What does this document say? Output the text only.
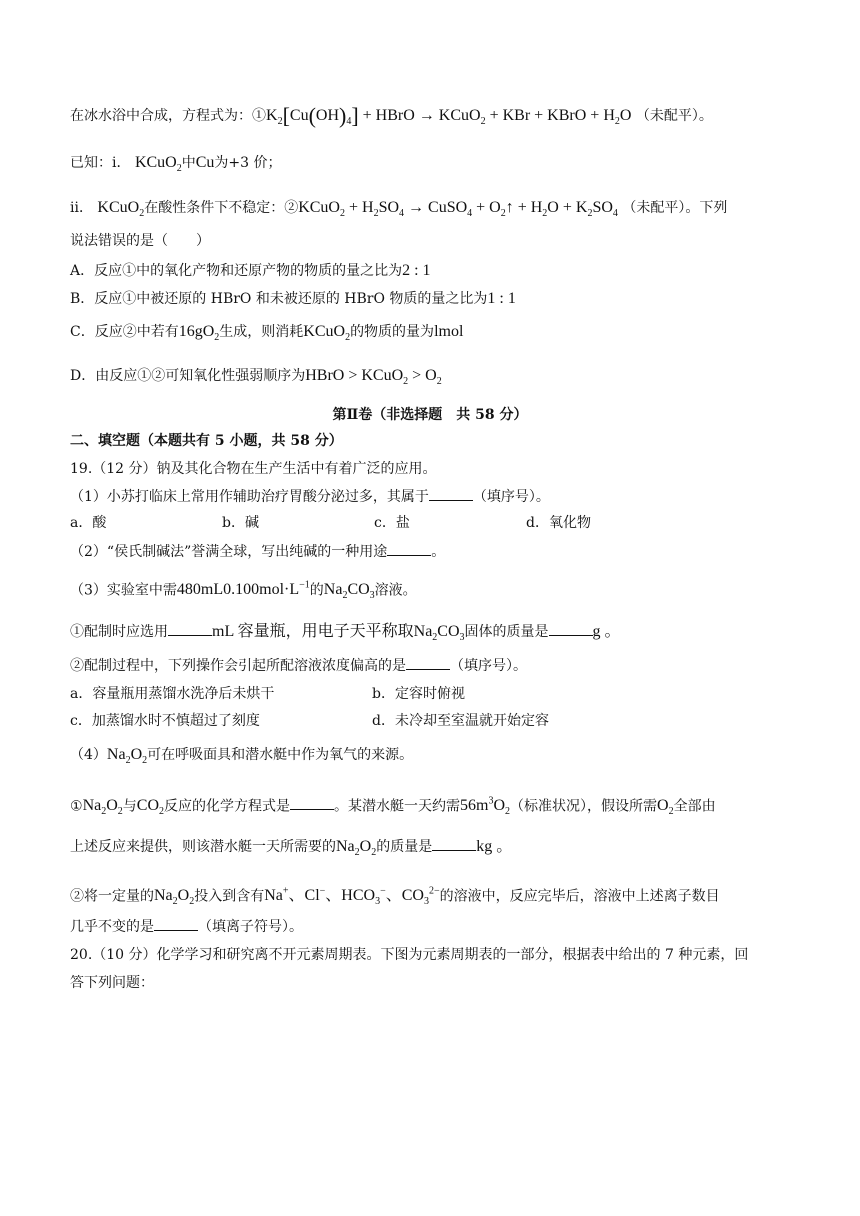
在冰水浴中合成，方程式为：$①K_2[Cu(OH)_4]$ + HBrO → KCuO$_2$ + KBr + KBrO + $H_2O$ （未配平）。
已知：ⅰ． KCuO$_2$中Cu为+3 价；
ⅱ． KCuO$_2$在酸性条件下不稳定：②KCuO$_2$ + $H_2SO_4$ → CuSO$_4$ + $O_2↑ + H_2O + K_2SO_4$ （未配平）。下列
说法错误的是（　　）
A．反应①中的氧化产物和还原产物的物质的量之比为2 : 1
B．反应①中被还原的 HBrO 和未被还原的 HBrO 物质的量之比为1 : 1
C．反应②中若有$16gO_2$生成，则消耗KCuO$_2$的物质的量为lmol
D．由反应①②可知氧化性强弱顺序为HBrO > KCuO$_2$ > $O_2$
第Ⅱ卷（非选择题　共 58 分）
二、填空题（本题共有 5 小题，共 58 分）
19.（12 分）钠及其化合物在生产生活中有着广泛的应用。
（1）小苏打临床上常用作辅助治疗胃酸分泌过多，其属于	（填序号）。
a．酸	b．碱	c．盐	d．氧化物
（2）“侯氏制碱法”誉满全球，写出纯碱的一种用途	。
（3）实验室中需$480mL0.100mol\cdot L^{-1}$的$Na_2CO_3$溶液。
①配制时应选用	mL 容量瓶，用电子天平称取$Na_2CO_3$固体的质量是	g 。
②配制过程中，下列操作会引起所配溶液浓度偏高的是	（填序号）。
a．容量瓶用蒸馏水洗净后未烘干	b．定容时俯视
c．加蒸馏水时不慎超过了刻度	d．未冷却至室温就开始定容
$(4)Na_2O_2$可在呼吸面具和潜水艇中作为氧气的来源。
$①Na_2O_2$与$CO_2$反应的化学方程式是	。某潜水艇一天约需$56m^3O_2$（标准状况），假设所需$O_2$全部由
上述反应来提供，则该潜水艇一天所需要的$Na_2O_2$的质量是	kg 。
②将一定量的$Na_2O_2$投入到含有Na+、Cl−、$HCO_3^-$、$CO_3^{2-}$的溶液中，反应完毕后，溶液中上述离子数目
几乎不变的是	（填离子符号）。
20.（10 分）化学学习和研究离不开元素周期表。下图为元素周期表的一部分，根据表中给出的 7 种元素，回
答下列问题：
